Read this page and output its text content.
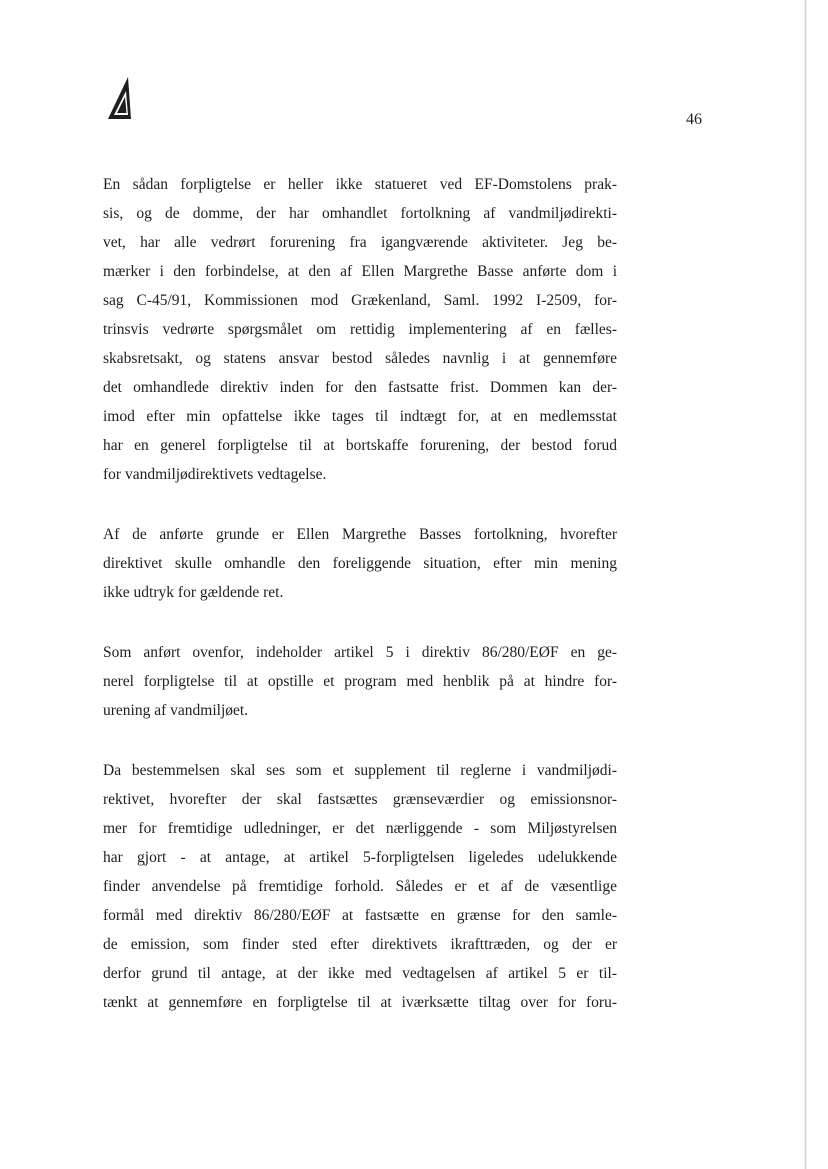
46
En sådan forpligtelse er heller ikke statueret ved EF-Domstolens prak-
sis, og de domme, der har omhandlet fortolkning af vandmiljødirekti-
vet, har alle vedrørt forurening fra igangværende aktiviteter. Jeg be-
mærker i den forbindelse, at den af Ellen Margrethe Basse anførte dom i
sag C-45/91, Kommissionen mod Grækenland, Saml. 1992 I-2509, for-
trinsvis vedrørte spørgsmålet om rettidig implementering af en fælles-
skabsretsakt, og statens ansvar bestod således navnlig i at gennemføre
det omhandlede direktiv inden for den fastsatte frist. Dommen kan der-
imod efter min opfattelse ikke tages til indtægt for, at en medlemsstat
har en generel forpligtelse til at bortskaffe forurening, der bestod forud
for vandmiljødirektivets vedtagelse.
Af de anførte grunde er Ellen Margrethe Basses fortolkning, hvorefter
direktivet skulle omhandle den foreliggende situation, efter min mening
ikke udtryk for gældende ret.
Som anført ovenfor, indeholder artikel 5 i direktiv 86/280/EØF en ge-
nerel forpligtelse til at opstille et program med henblik på at hindre for-
urening af vandmiljøet.
Da bestemmelsen skal ses som et supplement til reglerne i vandmiljødi-
rektivet, hvorefter der skal fastsættes grænseværdier og emissionsnor-
mer for fremtidige udledninger, er det nærliggende - som Miljøstyrelsen
har gjort - at antage, at artikel 5-forpligtelsen ligeledes udelukkende
finder anvendelse på fremtidige forhold. Således er et af de væsentlige
formål med direktiv 86/280/EØF at fastsætte en grænse for den samle-
de emission, som finder sted efter direktivets ikrafttræden, og der er
derfor grund til antage, at der ikke med vedtagelsen af artikel 5 er til-
tænkt at gennemføre en forpligtelse til at iværksætte tiltag over for foru-
